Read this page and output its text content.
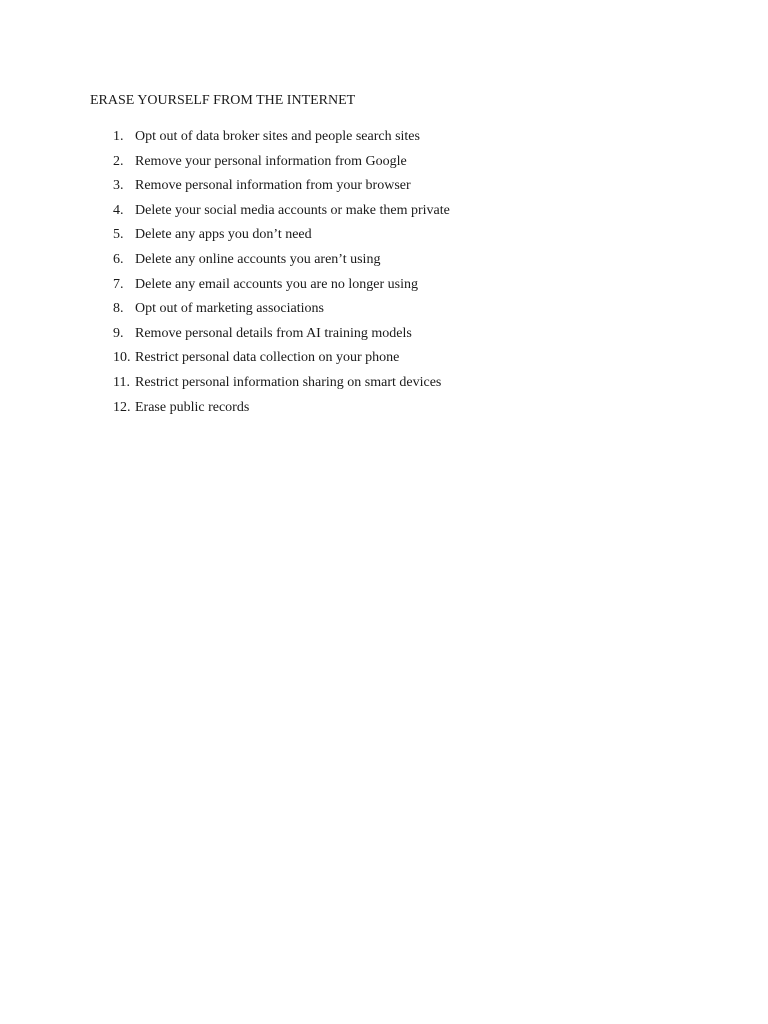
ERASE YOURSELF FROM THE INTERNET
1. Opt out of data broker sites and people search sites
2. Remove your personal information from Google
3. Remove personal information from your browser
4. Delete your social media accounts or make them private
5. Delete any apps you don’t need
6. Delete any online accounts you aren’t using
7. Delete any email accounts you are no longer using
8. Opt out of marketing associations
9. Remove personal details from AI training models
10. Restrict personal data collection on your phone
11. Restrict personal information sharing on smart devices
12. Erase public records
